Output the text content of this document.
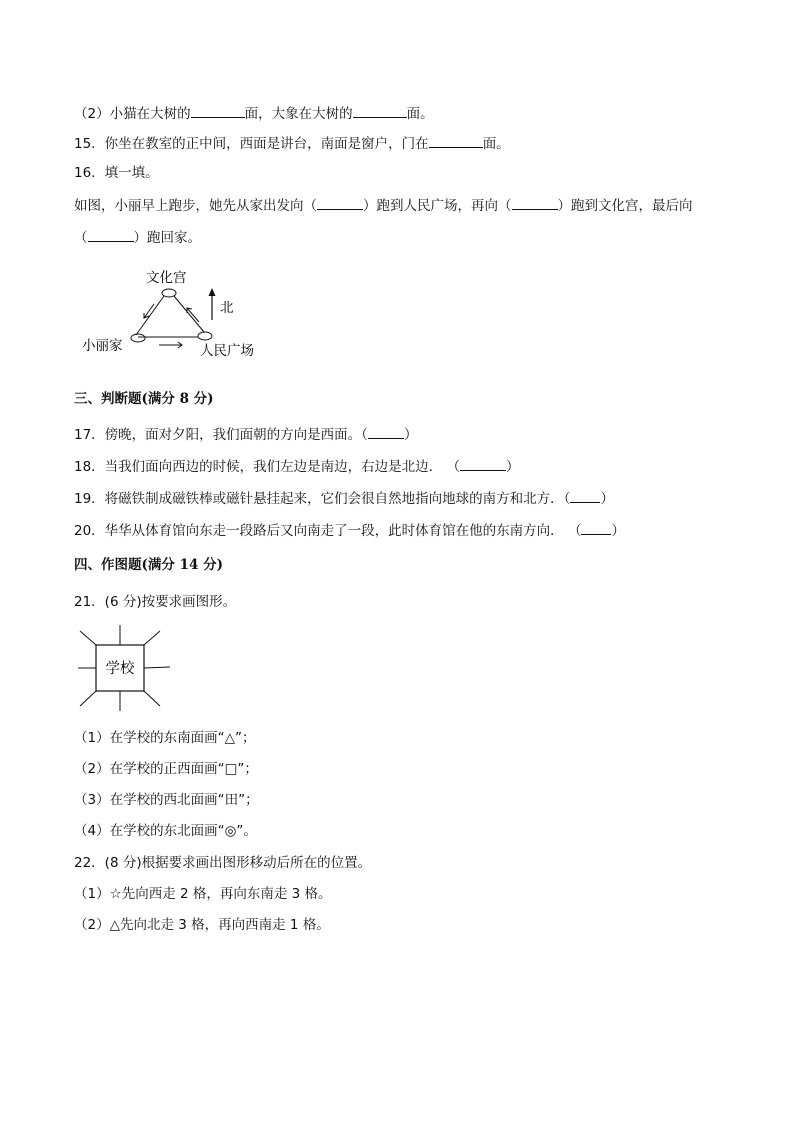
（2）小猫在大树的	面，大象在大树的	面。
15．你坐在教室的正中间，西面是讲台，南面是窗户，门在	面。
16．填一填。
如图，小丽早上跑步，她先从家出发向（	）跑到人民广场，再向（	）跑到文化宫，最后向
（	）跑回家。
文化宫
北
小丽家	人民广场
三、判断题(满分 8 分)
17．傍晚，面对夕阳，我们面朝的方向是西面。（	）
18．当我们面向西边的时候，我们左边是南边，右边是北边． （	）
19．将磁铁制成磁铁棒或磁针悬挂起来，它们会很自然地指向地球的南方和北方．（ ）
20．华华从体育馆向东走一段路后又向南走了一段，此时体育馆在他的东南方向． （ ）
四、作图题(满分 14 分)
21．(6 分)按要求画图形。
学校
（1）在学校的东南面画“△”；
（2）在学校的正西面画“□”；
（3）在学校的西北面画“田”；
（4）在学校的东北面画“◎”。
22．(8 分)根据要求画出图形移动后所在的位置。
（1）☆先向西走 2 格，再向东南走 3 格。
（2）△先向北走 3 格，再向西南走 1 格。
